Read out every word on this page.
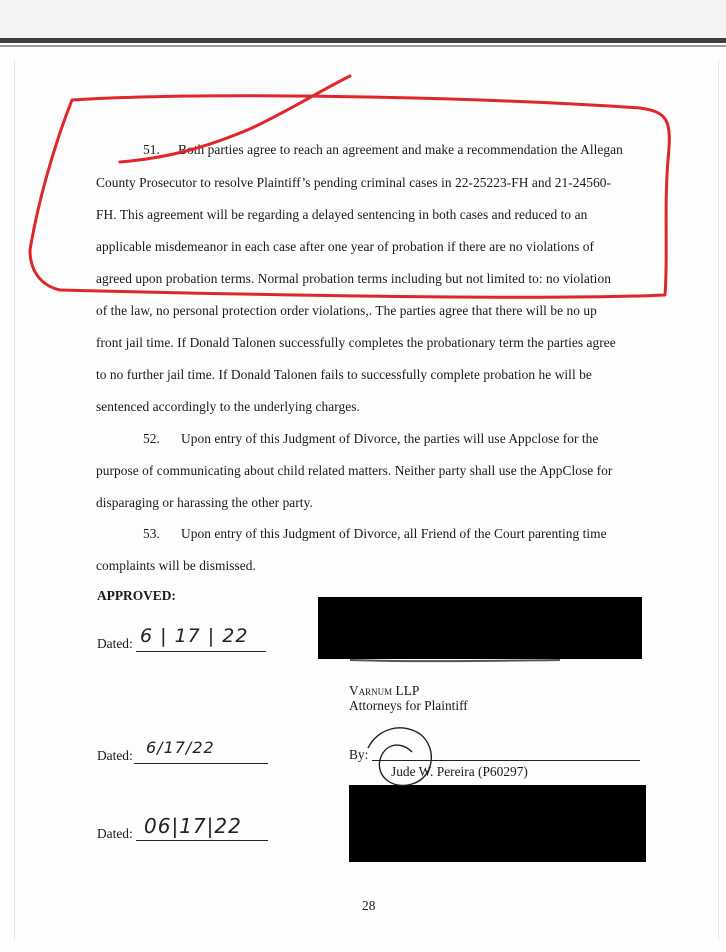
51. Both parties agree to reach an agreement and make a recommendation the Allegan
County Prosecutor to resolve Plaintiff’s pending criminal cases in 22-25223-FH and 21-24560-
FH. This agreement will be regarding a delayed sentencing in both cases and reduced to an
applicable misdemeanor in each case after one year of probation if there are no violations of
agreed upon probation terms. Normal probation terms including but not limited to: no violation
of the law, no personal protection order violations,. The parties agree that there will be no up
front jail time. If Donald Talonen successfully completes the probationary term the parties agree
to no further jail time. If Donald Talonen fails to successfully complete probation he will be
sentenced accordingly to the underlying charges.
52. Upon entry of this Judgment of Divorce, the parties will use Appclose for the
purpose of communicating about child related matters. Neither party shall use the AppClose for
disparaging or harassing the other party.
53. Upon entry of this Judgment of Divorce, all Friend of the Court parenting time
complaints will be dismissed.
APPROVED:
Dated: 6 | 17 | 22
Dated: 6/17/22
Dated: 06|17|22
Varnum LLP
Attorneys for Plaintiff
By:
Jude W. Pereira (P60297)
28
